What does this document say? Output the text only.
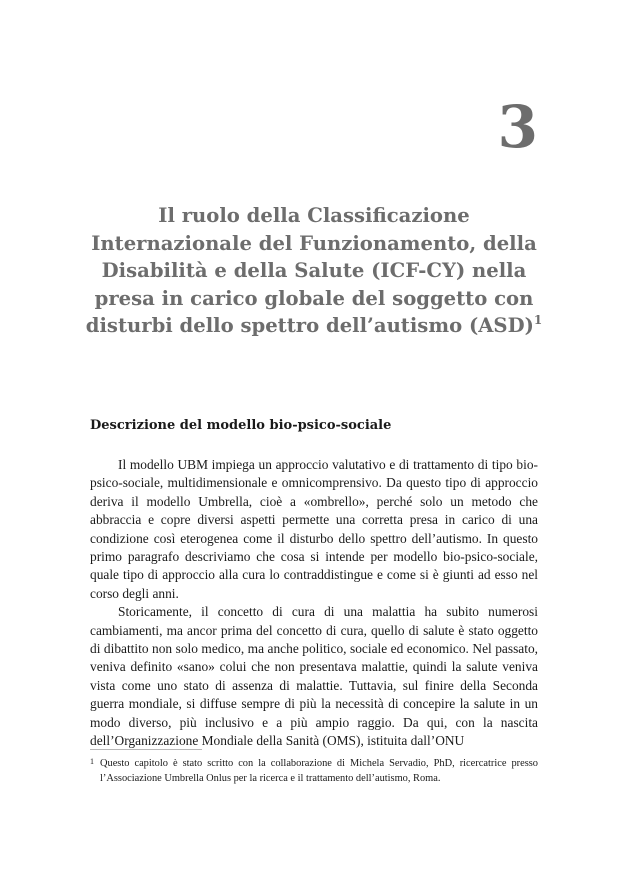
3
Il ruolo della Classificazione Internazionale del Funzionamento, della Disabilità e della Salute (ICF-CY) nella presa in carico globale del soggetto con disturbi dello spettro dell’autismo (ASD)$^1$
Descrizione del modello bio-psico-sociale

Il modello UBM impiega un approccio valutativo e di trattamento di tipo bio-psico-sociale, multidimensionale e omnicomprensivo. Da questo tipo di approccio deriva il modello Umbrella, cioè a «ombrello», perché solo un metodo che abbraccia e copre diversi aspetti permette una corretta presa in carico di una condizione così eterogenea come il disturbo dello spettro dell’autismo. In questo primo paragrafo descriviamo che cosa si intende per modello bio-psico-sociale, quale tipo di approccio alla cura lo contraddistingue e come si è giunti ad esso nel corso degli anni.

Storicamente, il concetto di cura di una malattia ha subito numerosi cambiamenti, ma ancor prima del concetto di cura, quello di salute è stato oggetto di dibattito non solo medico, ma anche politico, sociale ed economico. Nel passato, veniva definito «sano» colui che non presentava malattie, quindi la salute veniva vista come uno stato di assenza di malattie. Tuttavia, sul finire della Seconda guerra mondiale, si diffuse sempre di più la necessità di concepire la salute in un modo diverso, più inclusivo e a più ampio raggio. Da qui, con la nascita dell’Organizzazione Mondiale della Sanità (OMS), istituita dall’ONU

1 Questo capitolo è stato scritto con la collaborazione di Michela Servadio, PhD, ricercatrice presso l’Associazione Umbrella Onlus per la ricerca e il trattamento dell’autismo, Roma.
